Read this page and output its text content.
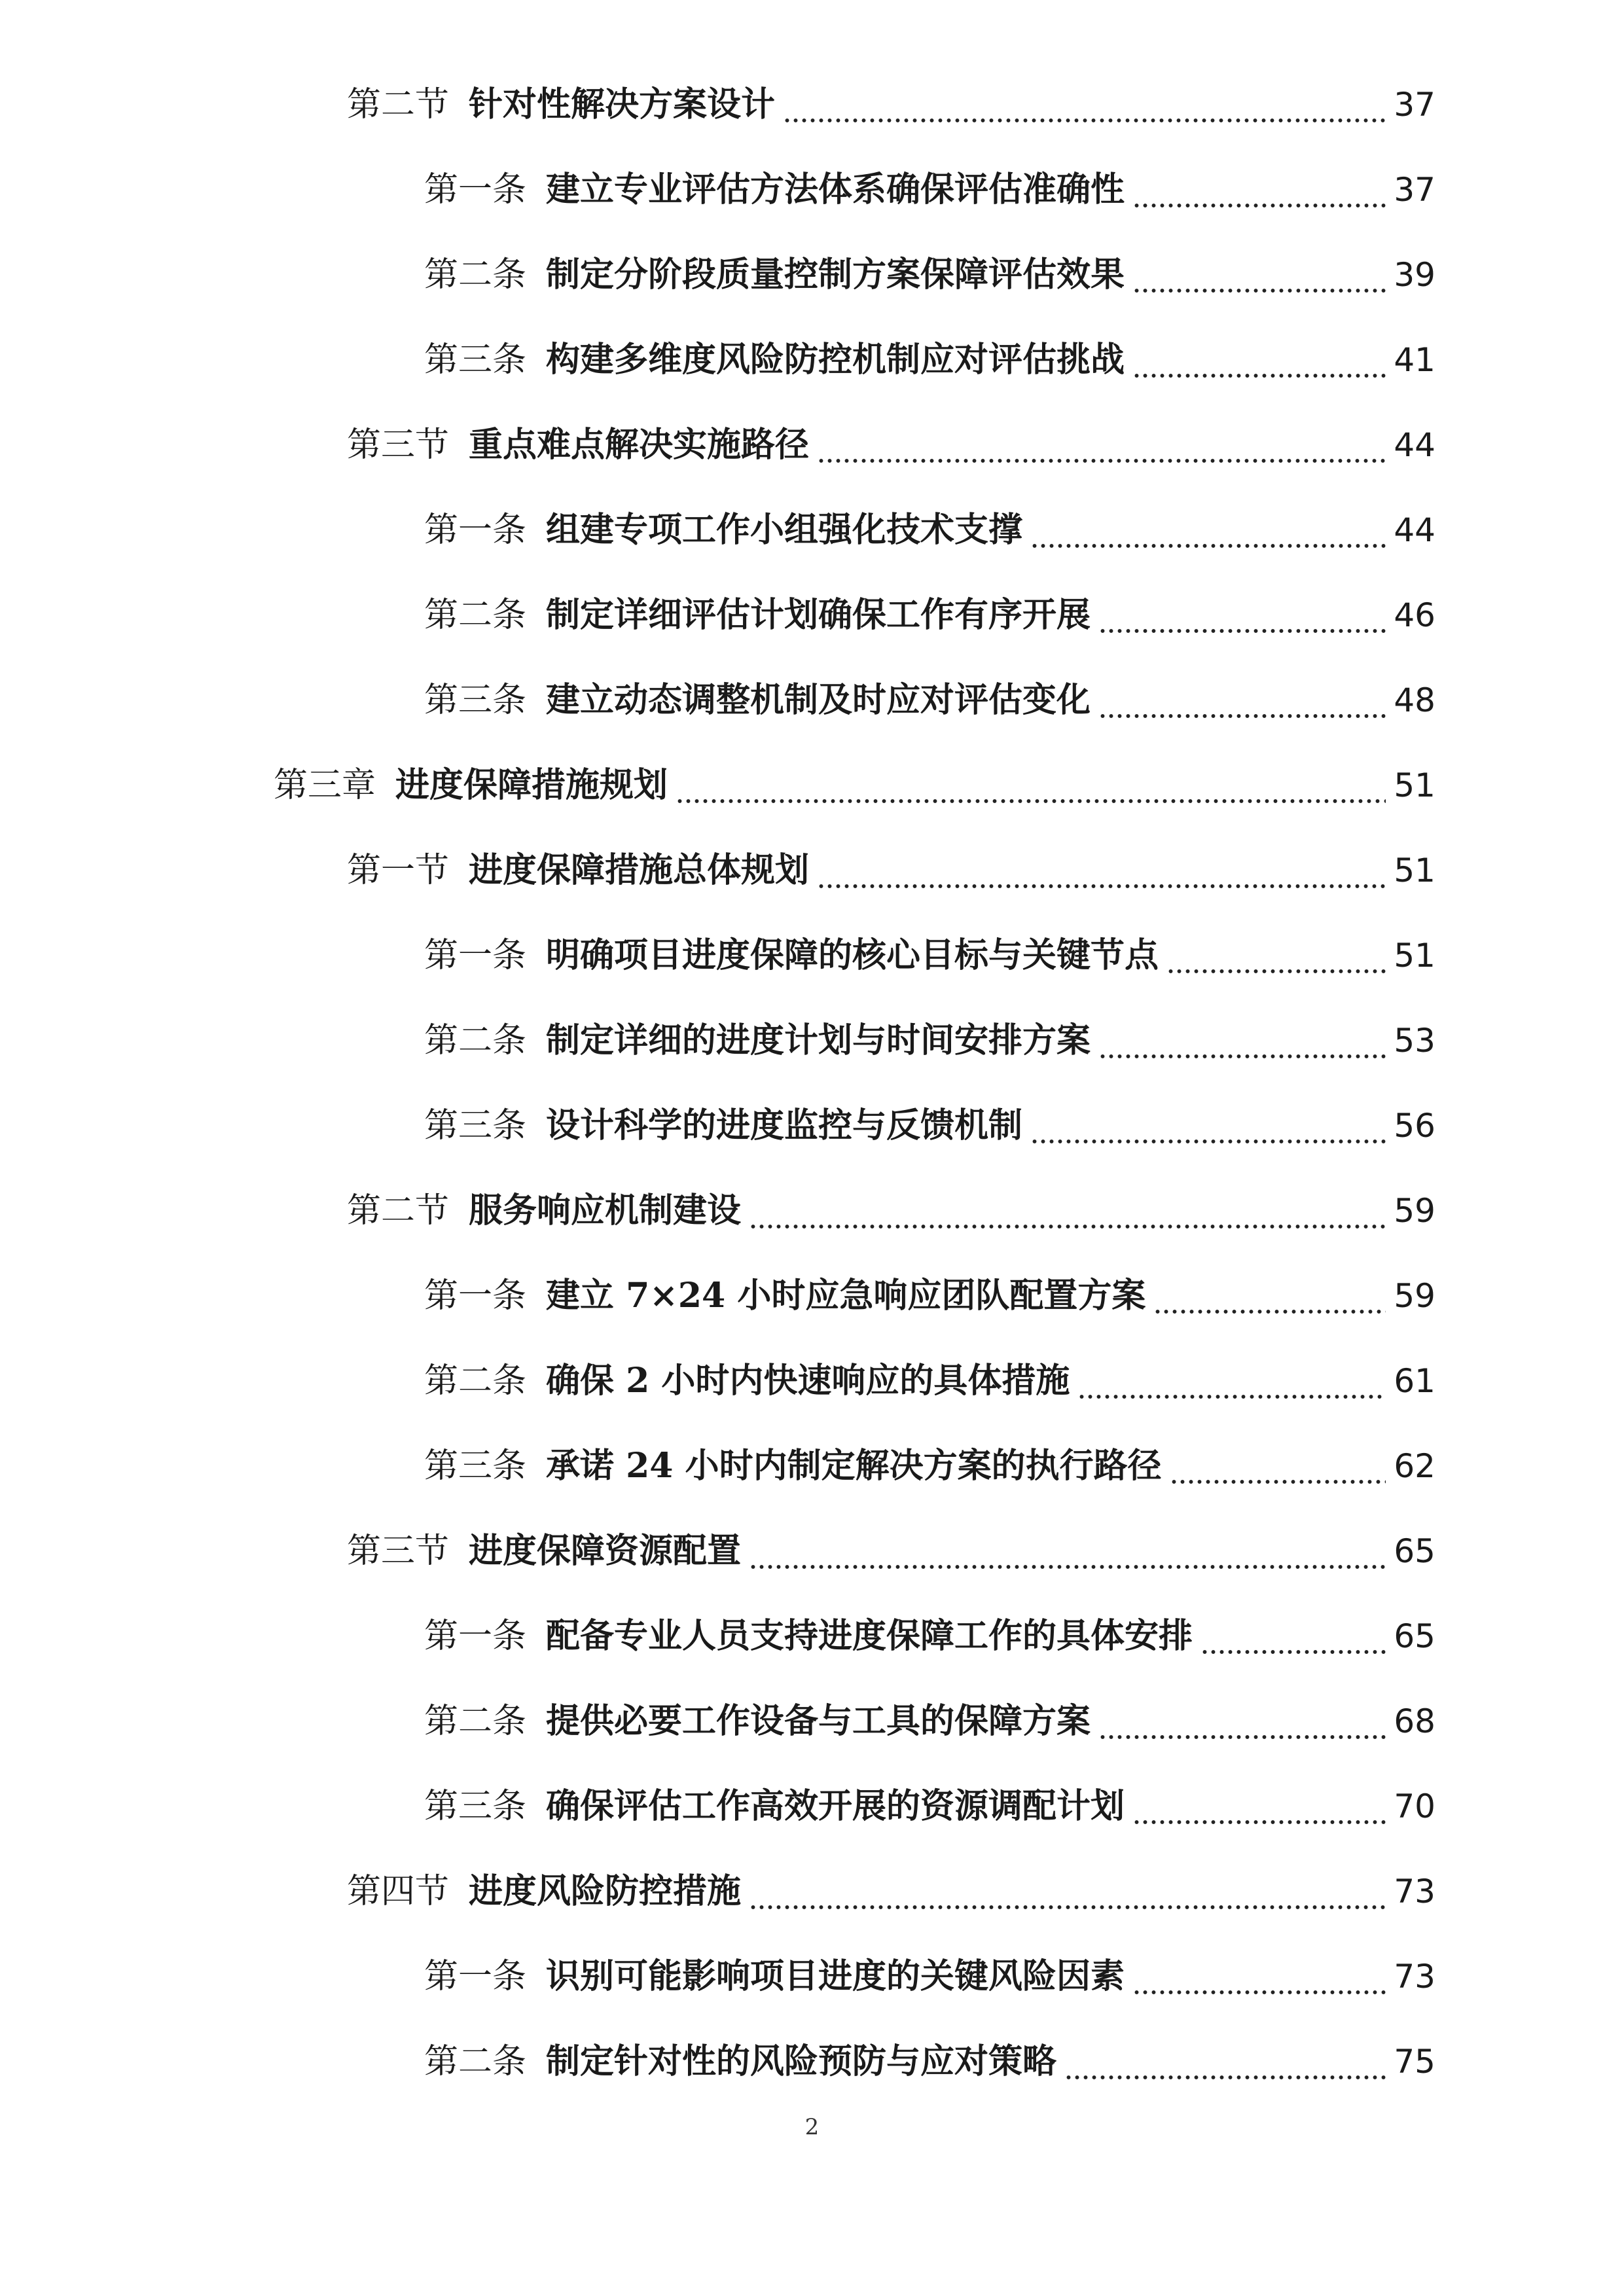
第二节 针对性解决方案设计	37
第一条 建立专业评估方法体系确保评估准确性	37
第二条 制定分阶段质量控制方案保障评估效果	39
第三条 构建多维度风险防控机制应对评估挑战	41
第三节 重点难点解决实施路径	44
第一条 组建专项工作小组强化技术支撑	44
第二条 制定详细评估计划确保工作有序开展	46
第三条 建立动态调整机制及时应对评估变化	48
第三章 进度保障措施规划	51
第一节 进度保障措施总体规划	51
第一条 明确项目进度保障的核心目标与关键节点	51
第二条 制定详细的进度计划与时间安排方案	53
第三条 设计科学的进度监控与反馈机制	56
第二节 服务响应机制建设	59
第一条 建立 7×24 小时应急响应团队配置方案	59
第二条 确保 2 小时内快速响应的具体措施	61
第三条 承诺 24 小时内制定解决方案的执行路径	62
第三节 进度保障资源配置	65
第一条 配备专业人员支持进度保障工作的具体安排	65
第二条 提供必要工作设备与工具的保障方案	68
第三条 确保评估工作高效开展的资源调配计划	70
第四节 进度风险防控措施	73
第一条 识别可能影响项目进度的关键风险因素	73
第二条 制定针对性的风险预防与应对策略	75
2
